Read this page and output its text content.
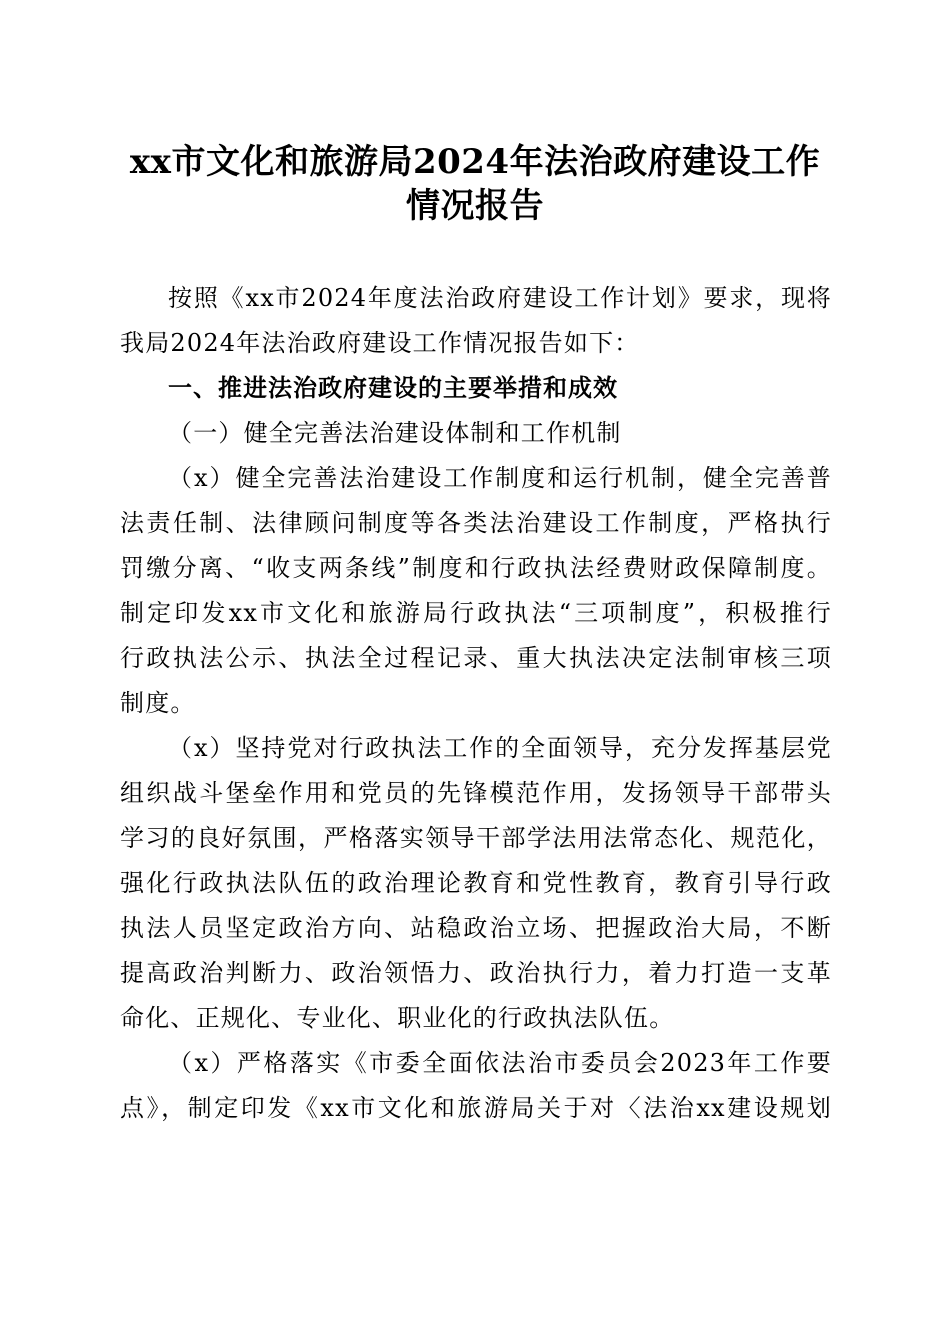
xx市文化和旅游局2024年法治政府建设工作
情况报告
按照《xx市2024年度法治政府建设工作计划》要求，现将
我局2024年法治政府建设工作情况报告如下：
一、推进法治政府建设的主要举措和成效
（一）健全完善法治建设体制和工作机制
（x）健全完善法治建设工作制度和运行机制，健全完善普
法责任制、法律顾问制度等各类法治建设工作制度，严格执行
罚缴分离、“收支两条线”制度和行政执法经费财政保障制度。
制定印发xx市文化和旅游局行政执法“三项制度”，积极推行
行政执法公示、执法全过程记录、重大执法决定法制审核三项
制度。
（x）坚持党对行政执法工作的全面领导，充分发挥基层党
组织战斗堡垒作用和党员的先锋模范作用，发扬领导干部带头
学习的良好氛围，严格落实领导干部学法用法常态化、规范化，
强化行政执法队伍的政治理论教育和党性教育，教育引导行政
执法人员坚定政治方向、站稳政治立场、把握政治大局，不断
提高政治判断力、政治领悟力、政治执行力，着力打造一支革
命化、正规化、专业化、职业化的行政执法队伍。
（x）严格落实《市委全面依法治市委员会2023年工作要
点》，制定印发《xx市文化和旅游局关于对〈法治xx建设规划
